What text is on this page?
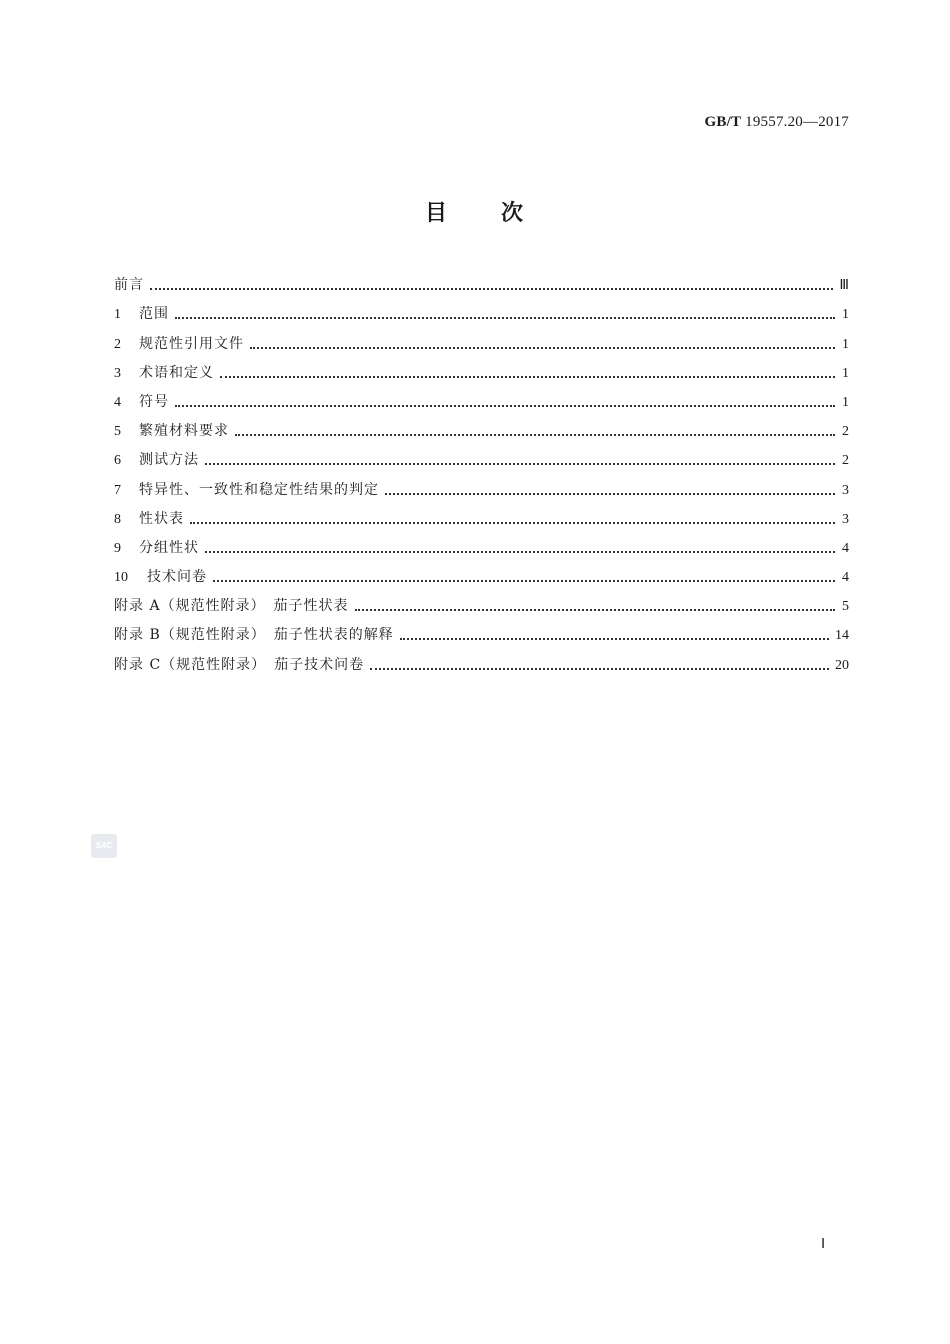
GB/T 19557.20—2017
目 次
前言	Ⅲ
1	范围	1
2	规范性引用文件	1
3	术语和定义	1
4	符号	1
5	繁殖材料要求	2
6	测试方法	2
7	特异性、一致性和稳定性结果的判定	3
8	性状表	3
9	分组性状	4
10	技术问卷	4
附录 A（规范性附录）　茄子性状表	5
附录 B（规范性附录）　茄子性状表的解释	14
附录 C（规范性附录）　茄子技术问卷	20
SAC
Ⅰ
